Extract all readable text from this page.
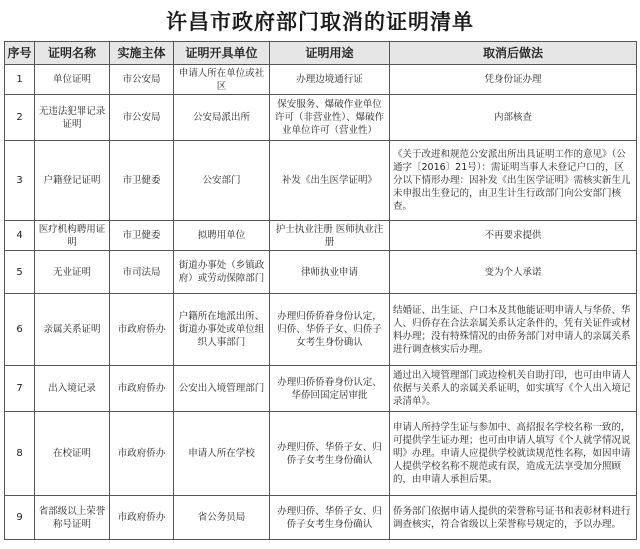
许昌市政府部门取消的证明清单
序号	证明名称	实施主体	证明开具单位	证明用途	取消后做法
1	单位证明	市公安局	申请人所在单位或社区	办理边境通行证	凭身份证办理
2	无违法犯罪记录证明	市公安局	公安局派出所	保安服务、爆破作业单位许可（非营业性）、爆破作业单位许可（营业性）	内部核查
3	户籍登记证明	市卫健委	公安部门	补发《出生医学证明》	《关于改进和规范公安派出所出具证明工作的意见》（公通字〔2016〕21号）：需证明当事人未登记户口的，区分以下情形办理：因补发《出生医学证明》需核实新生儿未申报出生登记的，由卫生计生行政部门向公安部门核查。
4	医疗机构聘用证明	市卫健委	拟聘用单位	护士执业注册 医师执业注册	不再要求提供
5	无业证明	市司法局	街道办事处（乡镇政府）或劳动保障部门	律师执业申请	变为个人承诺
6	亲属关系证明	市政府侨办	户籍所在地派出所、街道办事处或单位组织人事部门	办理归侨侨眷身份认定，归侨、华侨子女、归侨子女考生身份确认	结婚证、出生证、户口本及其他能证明申请人与华侨、华人、归侨存在合法亲属关系认定条件的，凭有关证件或材料办理；没有特殊情况的由侨务部门对申请人的亲属关系进行调查核实后办理。
7	出入境记录	市政府侨办	公安出入境管理部门	办理归侨侨眷身份认定、华侨回国定居审批	通过出入境管理部门或边检机关自助打印，也可由申请人依据与关系人的亲属关系证明，如实填写《个人出入境记录清单》。
8	在校证明	市政府侨办	申请人所在学校	办理归侨、华侨子女、归侨子女考生身份确认	申请人所持学生证与参加中、高招报名学校名称一致的，可提供学生证办理；也可由申请人填写《个人就学情况说明》办理。申请人应提供学校就读规范性名称，如因申请人提供学校名称不规范或有误，造成无法享受加分照顾的，由申请人承担后果。
9	省部级以上荣誉称号证明	市政府侨办	省公务员局	办理归侨、华侨子女、归侨子女考生身份确认	侨务部门依据申请人提供的荣誉称号证书和表彰材料进行调查核实，符合省级以上荣誉称号规定的，予以办理。
